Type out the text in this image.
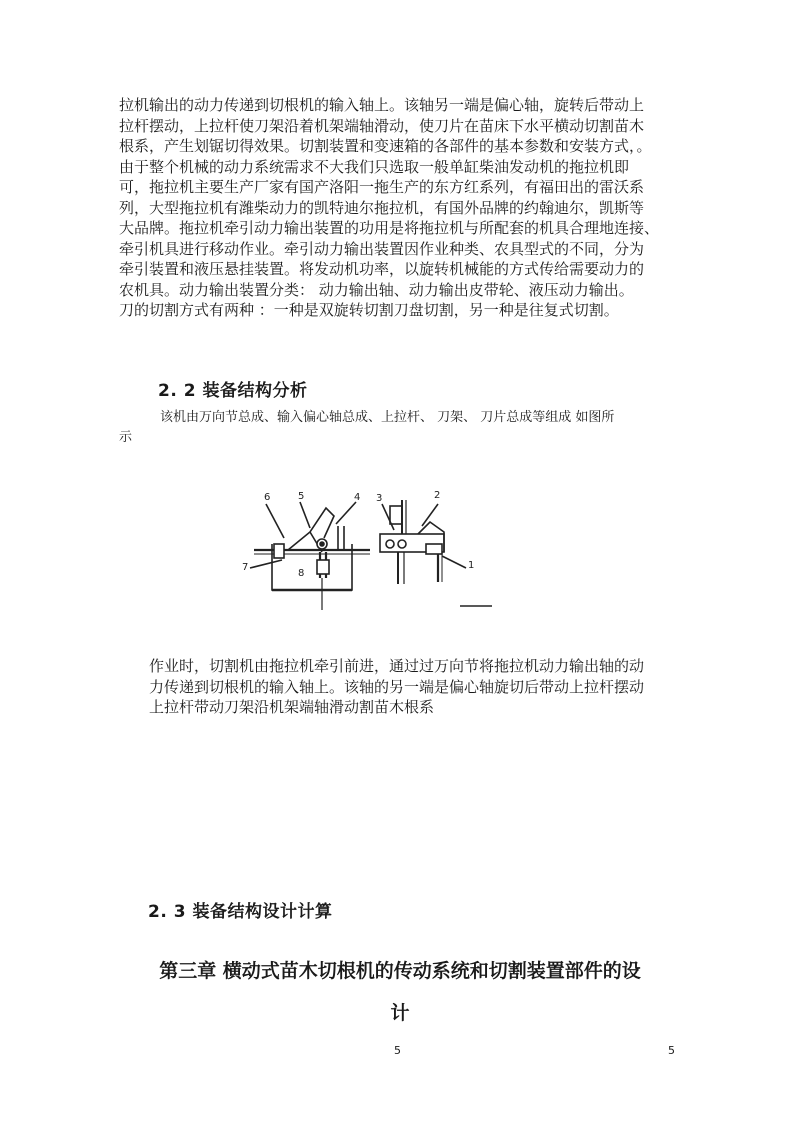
拉机输出的动力传递到切根机的输入轴上。该轴另一端是偏心轴，旋转后带动上

拉杆摆动，上拉杆使刀架沿着机架端轴滑动，使刀片在苗床下水平横动切割苗木

根系，产生划锯切得效果。切割装置和变速箱的各部件的基本参数和安装方式，。

由于整个机械的动力系统需求不大我们只选取一般单缸柴油发动机的拖拉机即

可，拖拉机主要生产厂家有国产洛阳一拖生产的东方红系列，有福田出的雷沃系

列，大型拖拉机有潍柴动力的凯特迪尔拖拉机，有国外品牌的约翰迪尔，凯斯等

大品牌。拖拉机牵引动力输出装置的功用是将拖拉机与所配套的机具合理地连接、

牵引机具进行移动作业。牵引动力输出装置因作业种类、农具型式的不同，分为

牵引装置和液压悬挂装置。将发动机功率，以旋转机械能的方式传给需要动力的

农机具。动力输出装置分类： 动力输出轴、动力输出皮带轮、液压动力输出。

刀的切割方式有两种 ：一种是双旋转切割刀盘切割，另一种是往复式切割。

2. 2 装备结构分析
该机由万向节总成、输入偏心轴总成、上拉杆、 刀架、 刀片总成等组成 如图所
示
6	5	4 3	2
1
7
8

作业时，切割机由拖拉机牵引前进，通过过万向节将拖拉机动力输出轴的动

力传递到切根机的输入轴上。该轴的另一端是偏心轴旋切后带动上拉杆摆动

上拉杆带动刀架沿机架端轴滑动割苗木根系

2. 3 装备结构设计计算
第三章 横动式苗木切根机的传动系统和切割装置部件的设
计
5	5
